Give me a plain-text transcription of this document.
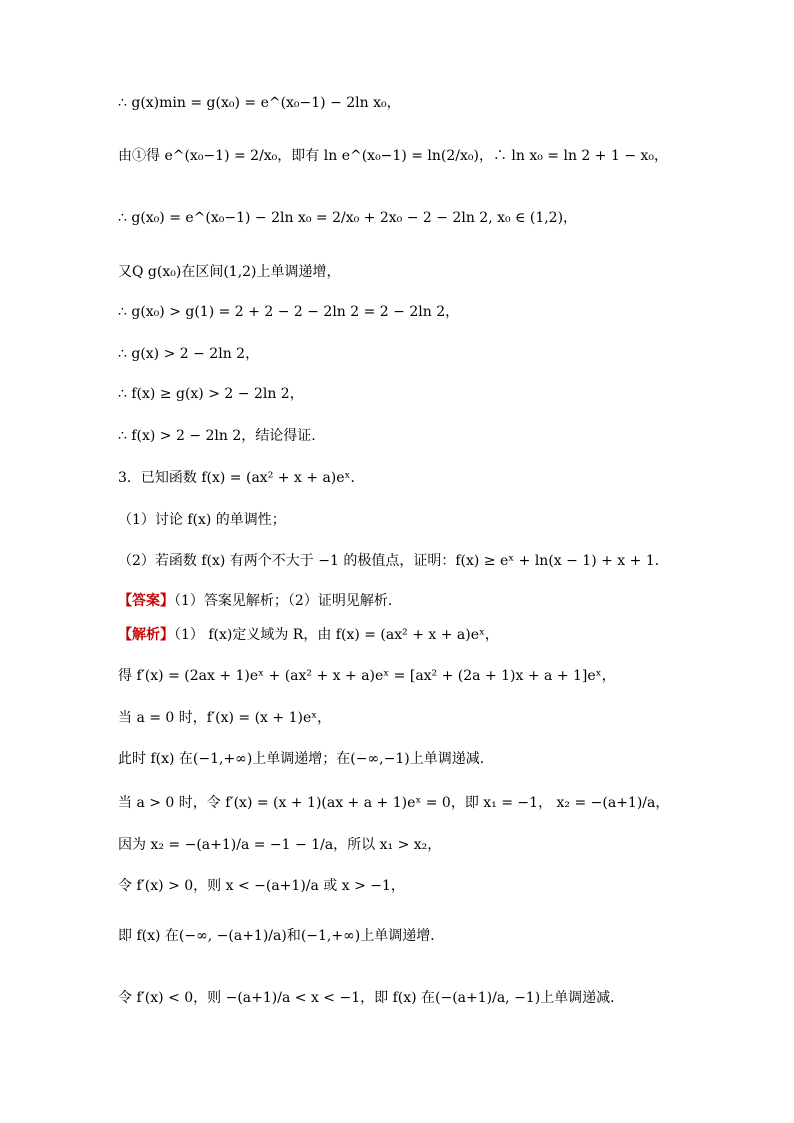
∴ g(x)min = g(x₀) = e^(x₀−1) − 2ln x₀，
由①得 e^(x₀−1) = 2/x₀，即有 ln e^(x₀−1) = ln(2/x₀)，∴ ln x₀ = ln 2 + 1 − x₀，
∴ g(x₀) = e^(x₀−1) − 2ln x₀ = 2/x₀ + 2x₀ − 2 − 2ln 2, x₀ ∈ (1,2)，
又Q g(x₀)在区间(1,2)上单调递增，
∴ g(x₀) > g(1) = 2 + 2 − 2 − 2ln 2 = 2 − 2ln 2，
∴ g(x) > 2 − 2ln 2，
∴ f(x) ≥ g(x) > 2 − 2ln 2，
∴ f(x) > 2 − 2ln 2，结论得证.
3．已知函数 f(x) = (ax² + x + a)eˣ．
（1）讨论 f(x) 的单调性；
（2）若函数 f(x) 有两个不大于 −1 的极值点，证明：f(x) ≥ eˣ + ln(x − 1) + x + 1．
【答案】（1）答案见解析；（2）证明见解析．
【解析】（1） f(x)定义域为 R，由 f(x) = (ax² + x + a)eˣ，
得 f′(x) = (2ax + 1)eˣ + (ax² + x + a)eˣ = [ax² + (2a + 1)x + a + 1]eˣ，
当 a = 0 时，f′(x) = (x + 1)eˣ，
此时 f(x) 在(−1,+∞)上单调递增；在(−∞,−1)上单调递减．
当 a > 0 时，令 f′(x) = (x + 1)(ax + a + 1)eˣ = 0，即 x₁ = −1， x₂ = −(a+1)/a，
因为 x₂ = −(a+1)/a = −1 − 1/a，所以 x₁ > x₂，
令 f′(x) > 0，则 x < −(a+1)/a 或 x > −1，
即 f(x) 在(−∞, −(a+1)/a)和(−1,+∞)上单调递增．
令 f′(x) < 0，则 −(a+1)/a < x < −1，即 f(x) 在(−(a+1)/a, −1)上单调递减．
